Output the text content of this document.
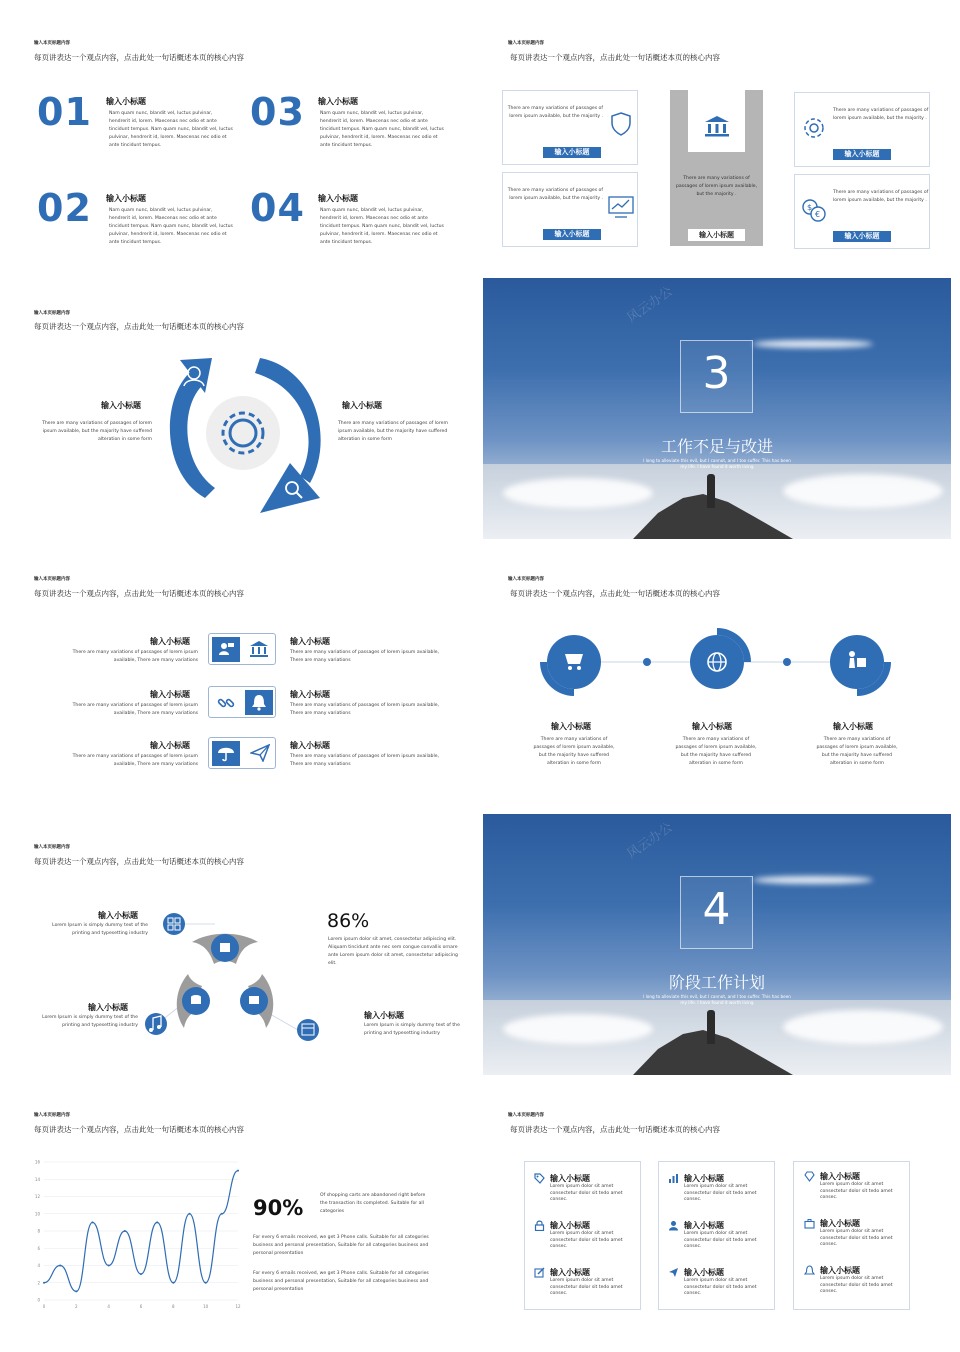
输入本页标题内容
每页讲表达一个观点内容，点击此处一句话概述本页的核心内容
01 输入小标题
Nam quam nunc, blandit vel, luctus pulvinar, hendrerit id, lorem. Maecenas nec odio et ante tincidunt tempus. Nam quam nunc, blandit vel, luctus pulvinar, hendrerit id, lorem. Maecenas nec odio et ante tincidunt tempus.
03 输入小标题
Nam quam nunc, blandit vel, luctus pulvinar, hendrerit id, lorem. Maecenas nec odio et ante tincidunt tempus. Nam quam nunc, blandit vel, luctus pulvinar, hendrerit id, lorem. Maecenas nec odio et ante tincidunt tempus.
02 输入小标题
Nam quam nunc, blandit vel, luctus pulvinar, hendrerit id, lorem. Maecenas nec odio et ante tincidunt tempus. Nam quam nunc, blandit vel, luctus pulvinar, hendrerit id, lorem. Maecenas nec odio et ante tincidunt tempus.
04 输入小标题
Nam quam nunc, blandit vel, luctus pulvinar, hendrerit id, lorem. Maecenas nec odio et ante tincidunt tempus. Nam quam nunc, blandit vel, luctus pulvinar, hendrerit id, lorem. Maecenas nec odio et ante tincidunt tempus.
输入本页标题内容
每页讲表达一个观点内容，点击此处一句话概述本页的核心内容
There are many variations of passages of lorem ipsum available, but the majority .
输入小标题
There are many variations of passages of lorem ipsum available, but the majority .
输入小标题
There are many variations of passages of lorem ipsum available, but the majority .
输入小标题
There are many variations of passages of lorem ipsum available, but the majority .
输入小标题
$
€
There are many variations of passages of lorem ipsum available, but the majority .
输入小标题
输入本页标题内容
每页讲表达一个观点内容，点击此处一句话概述本页的核心内容
输入小标题
There are many variations of passages of lorem ipsum available, but the majority have suffered alteration in some form
输入小标题
There are many variations of passages of lorem ipsum available, but the majority have suffered alteration in some form
风云办公
3
工作不足与改进
I long to alleviate this evil, but I cannot, and I too suffer. This has been my life. I have found it worth living
输入本页标题内容
每页讲表达一个观点内容，点击此处一句话概述本页的核心内容
输入小标题
There are many variations of passages of lorem ipsum available, There are many variations
输入小标题
There are many variations of passages of lorem ipsum available, There are many variations
输入小标题
There are many variations of passages of lorem ipsum available, There are many variations
输入小标题
There are many variations of passages of lorem ipsum available, There are many variations
输入小标题
There are many variations of passages of lorem ipsum available, There are many variations
输入小标题
There are many variations of passages of lorem ipsum available, There are many variations
输入本页标题内容
每页讲表达一个观点内容，点击此处一句话概述本页的核心内容
输入小标题
There are many variations of passages of lorem ipsum available, but the majority have suffered alteration in some form
输入小标题
There are many variations of passages of lorem ipsum available, but the majority have suffered alteration in some form
输入小标题
There are many variations of passages of lorem ipsum available, but the majority have suffered alteration in some form
输入本页标题内容
每页讲表达一个观点内容，点击此处一句话概述本页的核心内容
输入小标题
Lorem Ipsum is simply dummy text of the printing and typesetting industry
输入小标题
Lorem Ipsum is simply dummy text of the printing and typesetting industry
输入小标题
Lorem Ipsum is simply dummy text of the printing and typesetting industry
86%
Lorem ipsum dolor sit amet, consectetur adipiscing elit. Aliquam tincidunt ante nec sem congue convallis ornare ante Lorem ipsum dolor sit amet, consectetur adipiscing elit.
风云办公
4
阶段工作计划
I long to alleviate this evil, but I cannot, and I too suffer. This has been my life. I have found it worth living
输入本页标题内容
每页讲表达一个观点内容，点击此处一句话概述本页的核心内容
0
2
4
6
8
10
12
14
16
0	2	4	6	8	10	12
90%
Of shopping carts are abandoned right before the transaction its completed. Suitable for all categories
For every 6 emails received, we get 3 Phone calls. Suitable for all categories business and personal presentation, Suitable for all categories business and personal presentation
For every 6 emails received, we get 3 Phone calls. Suitable for all categories business and personal presentation, Suitable for all categories business and personal presentation
输入本页标题内容
每页讲表达一个观点内容，点击此处一句话概述本页的核心内容
输入小标题
Lorem ipsum dolor sit amet consectetur dolor sit tedo amet consec.
输入小标题
Lorem ipsum dolor sit amet consectetur dolor sit tedo amet consec.
输入小标题
Lorem ipsum dolor sit amet consectetur dolor sit tedo amet consec.
输入小标题
Lorem ipsum dolor sit amet consectetur dolor sit tedo amet consec.
输入小标题
Lorem ipsum dolor sit amet consectetur dolor sit tedo amet consec.
输入小标题
Lorem ipsum dolor sit amet consectetur dolor sit tedo amet consec.
输入小标题
Lorem ipsum dolor sit amet consectetur dolor sit tedo amet consec.
输入小标题
Lorem ipsum dolor sit amet consectetur dolor sit tedo amet consec.
输入小标题
Lorem ipsum dolor sit amet consectetur dolor sit tedo amet consec.
